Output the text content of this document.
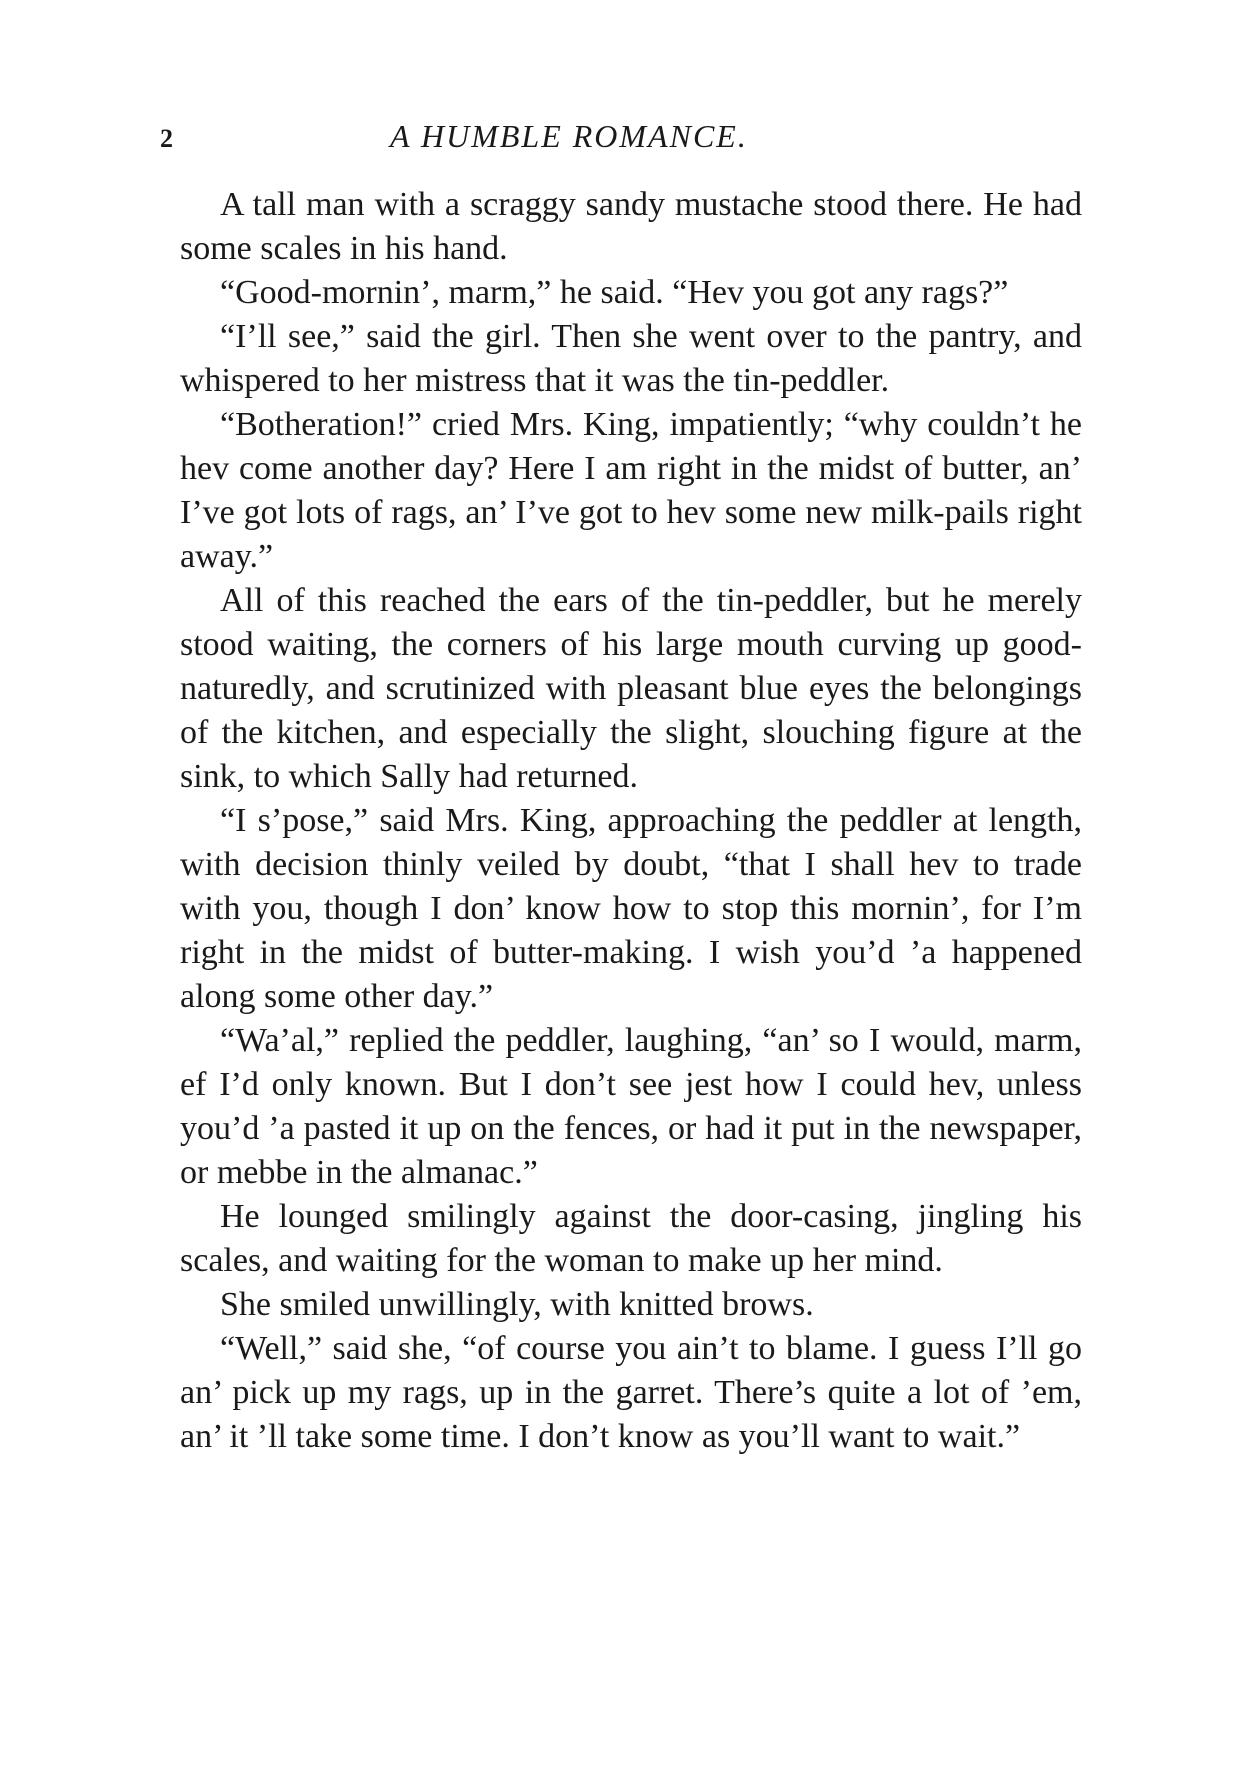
2	A HUMBLE ROMANCE.

A tall man with a scraggy sandy mustache stood there. He had some scales in his hand.

“Good-mornin’, marm,” he said. “Hev you got any rags?”

“I’ll see,” said the girl. Then she went over to the pantry, and whispered to her mistress that it was the tin-peddler.

“Botheration!” cried Mrs. King, impatiently; “why couldn’t he hev come another day? Here I am right in the midst of butter, an’ I’ve got lots of rags, an’ I’ve got to hev some new milk-pails right away.”

All of this reached the ears of the tin-peddler, but he merely stood waiting, the corners of his large mouth curving up good-naturedly, and scrutinized with pleasant blue eyes the belongings of the kitchen, and especially the slight, slouching figure at the sink, to which Sally had returned.

“I s’pose,” said Mrs. King, approaching the peddler at length, with decision thinly veiled by doubt, “that I shall hev to trade with you, though I don’ know how to stop this mornin’, for I’m right in the midst of butter-making. I wish you’d ’a happened along some other day.”

“Wa’al,” replied the peddler, laughing, “an’ so I would, marm, ef I’d only known. But I don’t see jest how I could hev, unless you’d ’a pasted it up on the fences, or had it put in the newspaper, or mebbe in the almanac.”

He lounged smilingly against the door-casing, jingling his scales, and waiting for the woman to make up her mind.

She smiled unwillingly, with knitted brows.

“Well,” said she, “of course you ain’t to blame. I guess I’ll go an’ pick up my rags, up in the garret. There’s quite a lot of ’em, an’ it ’ll take some time. I don’t know as you’ll want to wait.”
